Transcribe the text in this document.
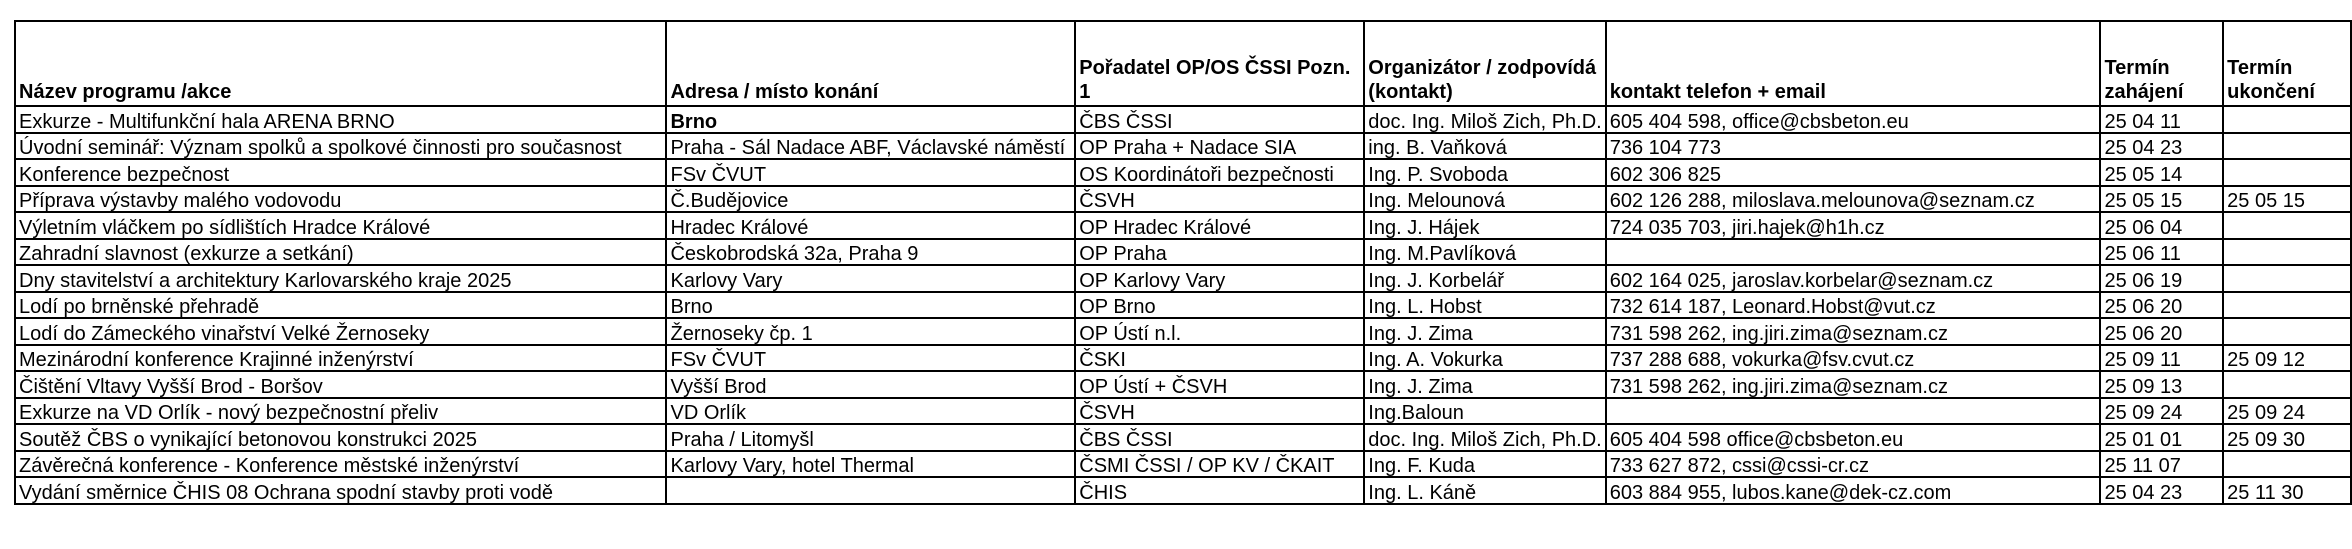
Název programu /akce	Adresa / místo konání	Pořadatel OP/OS ČSSI Pozn. 1	Organizátor / zodpovídá (kontakt)	kontakt telefon + email	Termín zahájení	Termín ukončení
Exkurze - Multifunkční hala ARENA BRNO	Brno	ČBS ČSSI	doc. Ing. Miloš Zich, Ph.D.	605 404 598, office@cbsbeton.eu	25 04 11	
Úvodní seminář: Význam spolků a spolkové činnosti pro současnost	Praha - Sál Nadace ABF, Václavské náměstí	OP Praha + Nadace SIA	ing. B. Vaňková	736 104 773	25 04 23	
Konference bezpečnost	FSv ČVUT	OS Koordinátoři bezpečnosti	Ing. P. Svoboda	602 306 825	25 05 14	
Příprava výstavby malého vodovodu	Č.Budějovice	ČSVH	Ing. Melounová	602 126 288, miloslava.melounova@seznam.cz	25 05 15	25 05 15
Výletním vláčkem po sídlištích Hradce Králové	Hradec Králové	OP Hradec Králové	Ing. J. Hájek	724 035 703, jiri.hajek@h1h.cz	25 06 04	
Zahradní slavnost (exkurze a setkání)	Českobrodská 32a, Praha 9	OP Praha	Ing. M.Pavlíková		25 06 11	
Dny stavitelství a architektury Karlovarského kraje 2025	Karlovy Vary	OP Karlovy Vary	Ing. J. Korbelář	602 164 025, jaroslav.korbelar@seznam.cz	25 06 19	
Lodí po brněnské přehradě	Brno	OP Brno	Ing. L. Hobst	732 614 187, Leonard.Hobst@vut.cz	25 06 20	
Lodí do Zámeckého vinařství Velké Žernoseky	Žernoseky čp. 1	OP Ústí n.l.	Ing. J. Zima	731 598 262, ing.jiri.zima@seznam.cz	25 06 20	
Mezinárodní konference Krajinné inženýrství	FSv ČVUT	ČSKI	Ing. A. Vokurka	737 288 688, vokurka@fsv.cvut.cz	25 09 11	25 09 12
Čištění Vltavy Vyšší Brod - Boršov	Vyšší Brod	OP Ústí + ČSVH	Ing. J. Zima	731 598 262, ing.jiri.zima@seznam.cz	25 09 13	
Exkurze na VD Orlík - nový bezpečnostní přeliv	VD Orlík	ČSVH	Ing.Baloun		25 09 24	25 09 24
Soutěž ČBS o vynikající betonovou konstrukci 2025	Praha / Litomyšl	ČBS ČSSI	doc. Ing. Miloš Zich, Ph.D.	605 404 598 office@cbsbeton.eu	25 01 01	25 09 30
Závěrečná konference - Konference městské inženýrství	Karlovy Vary, hotel Thermal	ČSMI ČSSI / OP KV / ČKAIT	Ing. F. Kuda	733 627 872, cssi@cssi-cr.cz	25 11 07	
Vydání směrnice ČHIS 08 Ochrana spodní stavby proti vodě		ČHIS	Ing. L. Káně	603 884 955, lubos.kane@dek-cz.com	25 04 23	25 11 30
